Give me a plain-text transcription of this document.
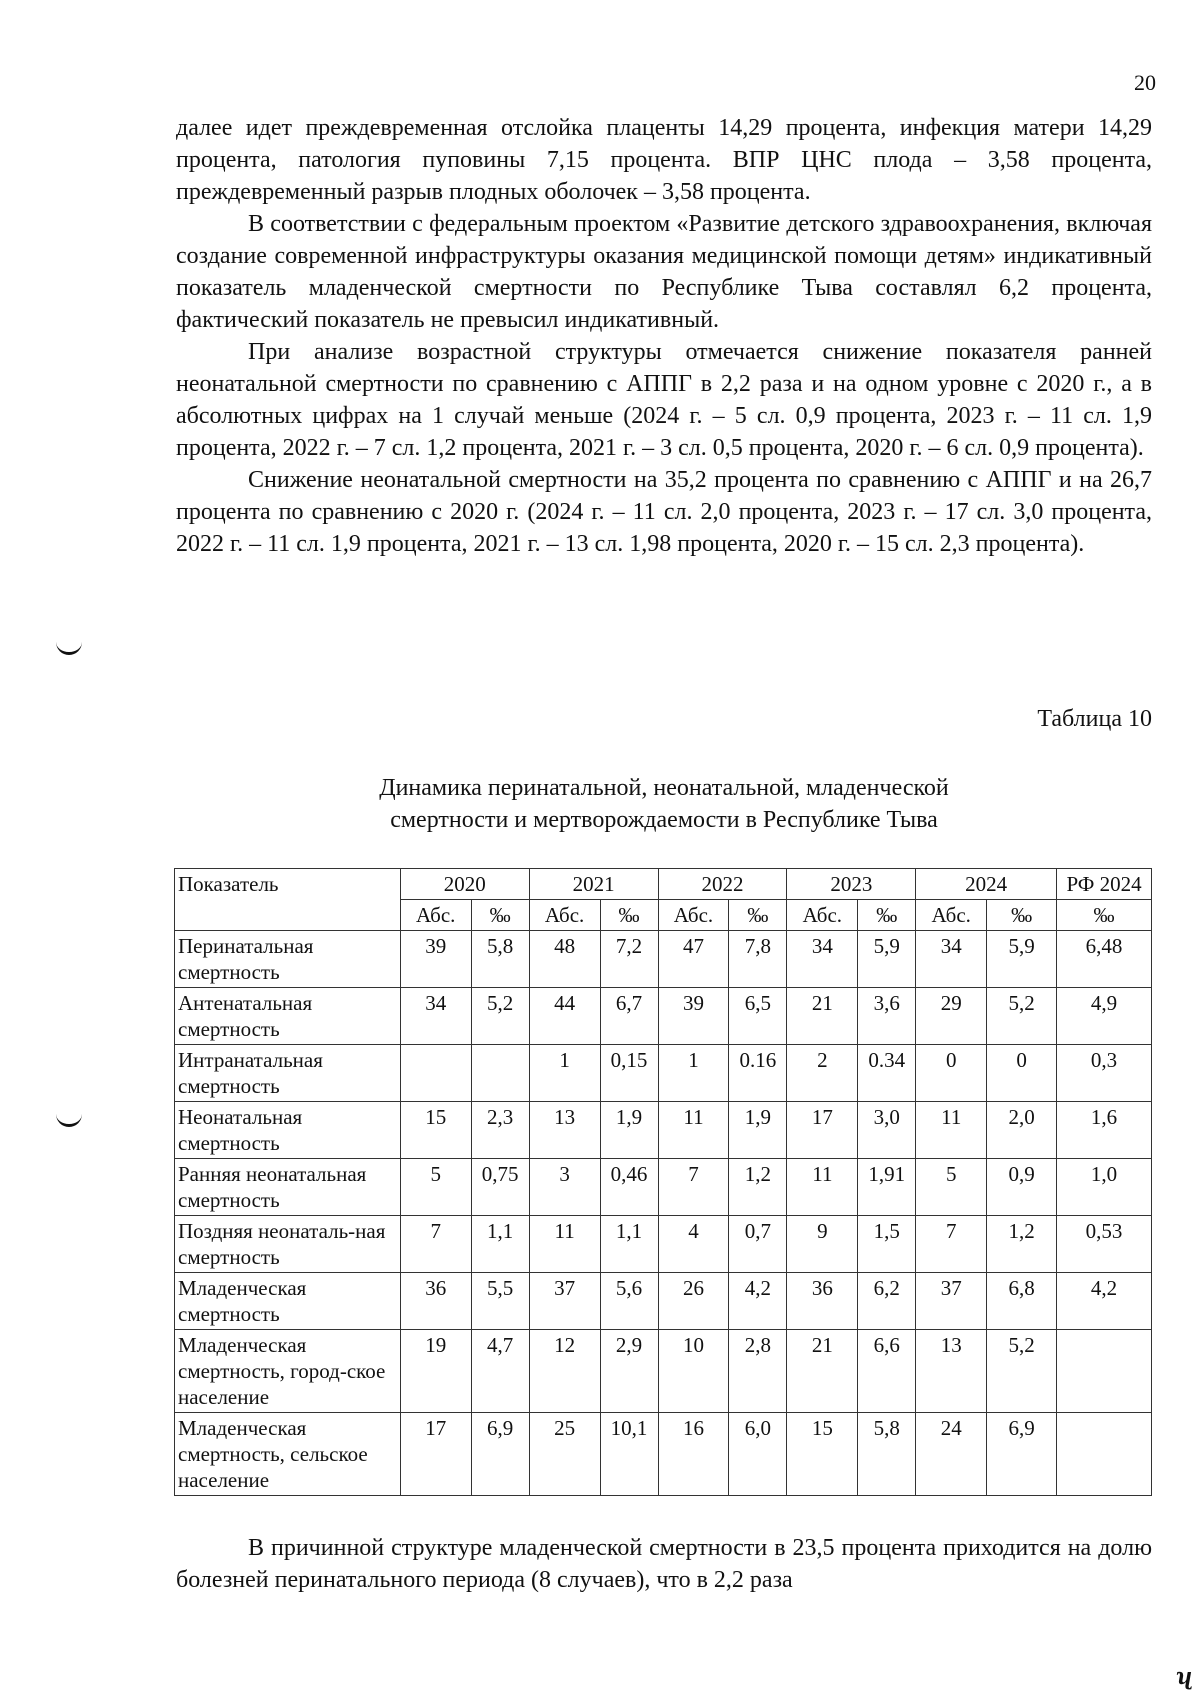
20

далее идет преждевременная отслойка плаценты 14,29 процента, инфекция матери 14,29 процента, патология пуповины 7,15 процента. ВПР ЦНС плода – 3,58 процента, преждевременный разрыв плодных оболочек – 3,58 процента.

В соответствии с федеральным проектом «Развитие детского здравоохранения, включая создание современной инфраструктуры оказания медицинской помощи детям» индикативный показатель младенческой смертности по Республике Тыва составлял 6,2 процента, фактический показатель не превысил индикативный.

При анализе возрастной структуры отмечается снижение показателя ранней неонатальной смертности по сравнению с АППГ в 2,2 раза и на одном уровне с 2020 г., а в абсолютных цифрах на 1 случай меньше (2024 г. – 5 сл. 0,9 процента, 2023 г. – 11 сл. 1,9 процента, 2022 г. – 7 сл. 1,2 процента, 2021 г. – 3 сл. 0,5 процента, 2020 г. – 6 сл. 0,9 процента).

Снижение неонатальной смертности на 35,2 процента по сравнению с АППГ и на 26,7 процента по сравнению с 2020 г. (2024 г. – 11 сл. 2,0 процента, 2023 г. – 17 сл. 3,0 процента, 2022 г. – 11 сл. 1,9 процента, 2021 г. – 13 сл. 1,98 процента, 2020 г. – 15 сл. 2,3 процента).

Таблица 10
Динамика перинатальной, неонатальной, младенческой
смертности и мертворождаемости в Республике Тыва
Показатель	2020		2021		2022		2023		2024		РФ 2024
	Абс.	‰	Абс.	‰	Абс.	‰	Абс.	‰	Абс.	‰	‰
Перинатальная смертность	39	5,8	48	7,2	47	7,8	34	5,9	34	5,9	6,48
Антенатальная смертность	34	5,2	44	6,7	39	6,5	21	3,6	29	5,2	4,9
Интранатальная смертность			1	0,15	1	0.16	2	0.34	0	0	0,3
Неонатальная смертность	15	2,3	13	1,9	11	1,9	17	3,0	11	2,0	1,6
Ранняя неонатальная смертность	5	0,75	3	0,46	7	1,2	11	1,91	5	0,9	1,0
Поздняя неонаталь-ная смертность	7	1,1	11	1,1	4	0,7	9	1,5	7	1,2	0,53
Младенческая смертность	36	5,5	37	5,6	26	4,2	36	6,2	37	6,8	4,2
Младенческая смертность, город-ское население	19	4,7	12	2,9	10	2,8	21	6,6	13	5,2	
Младенческая смертность, сельское население	17	6,9	25	10,1	16	6,0	15	5,8	24	6,9	

В причинной структуре младенческой смертности в 23,5 процента приходится на долю болезней перинатального периода (8 случаев), что в 2,2 раза

ʯ
